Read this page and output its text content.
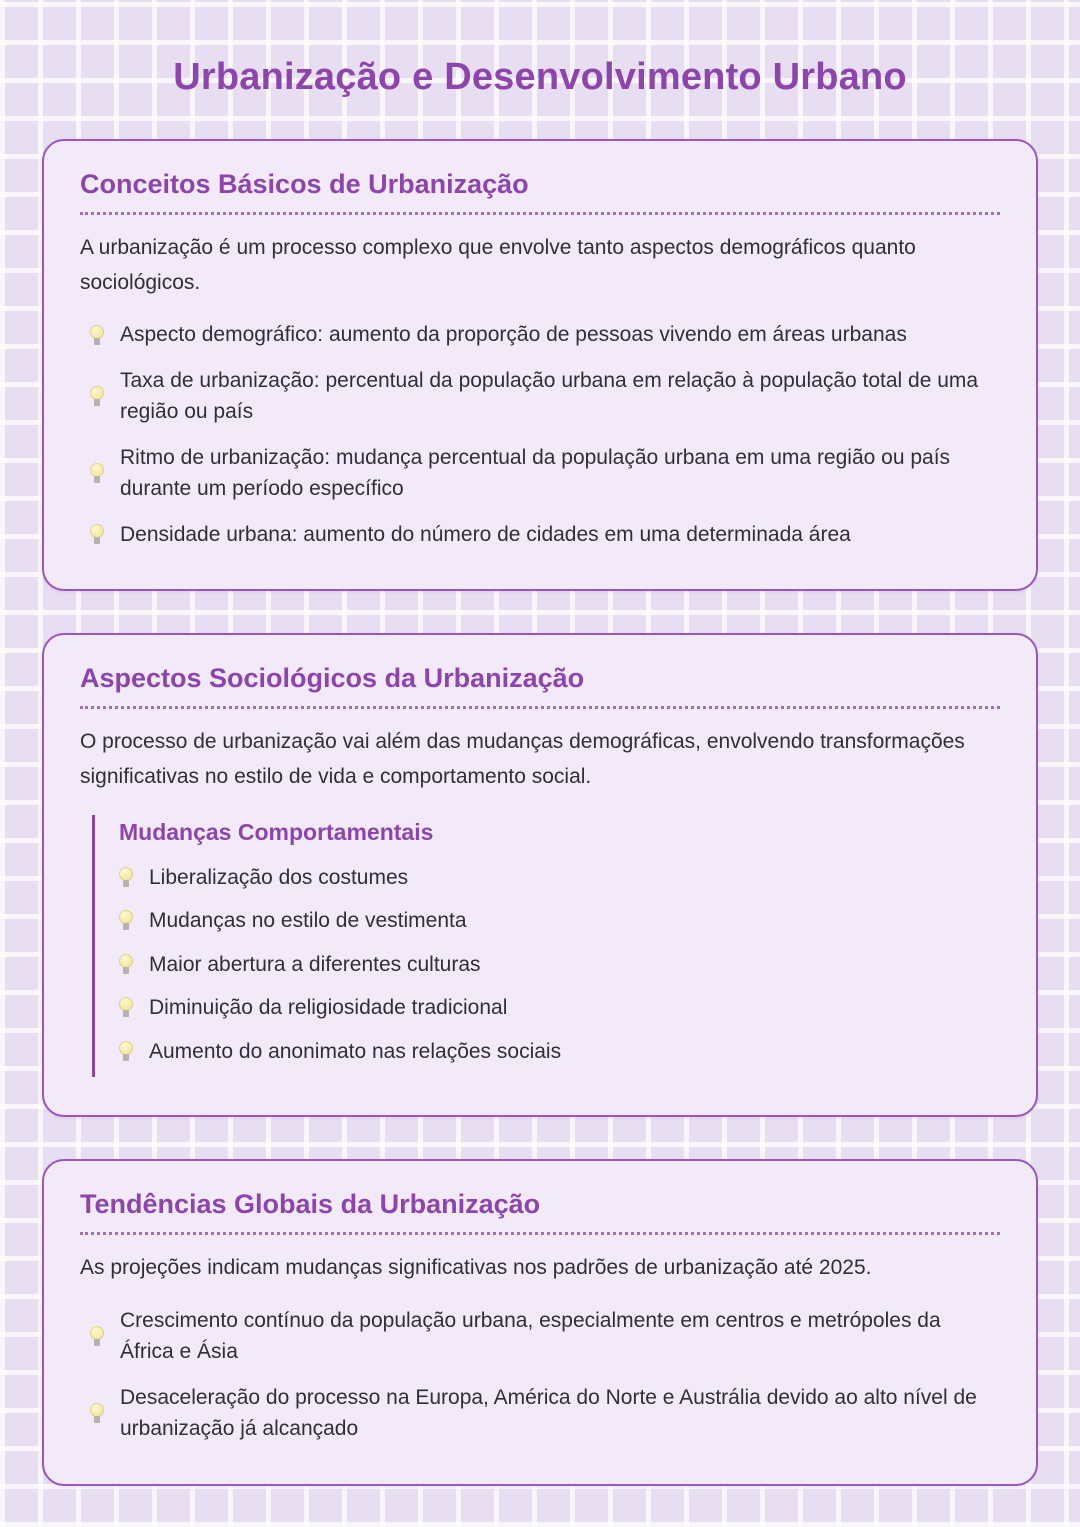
Urbanização e Desenvolvimento Urbano
Conceitos Básicos de Urbanização

A urbanização é um processo complexo que envolve tanto aspectos demográficos quanto sociológicos.

Aspecto demográfico: aumento da proporção de pessoas vivendo em áreas urbanas
Taxa de urbanização: percentual da população urbana em relação à população total de uma região ou país
Ritmo de urbanização: mudança percentual da população urbana em uma região ou país durante um período específico
Densidade urbana: aumento do número de cidades em uma determinada área
Aspectos Sociológicos da Urbanização

O processo de urbanização vai além das mudanças demográficas, envolvendo transformações significativas no estilo de vida e comportamento social.

Mudanças Comportamentais
Liberalização dos costumes
Mudanças no estilo de vestimenta
Maior abertura a diferentes culturas
Diminuição da religiosidade tradicional
Aumento do anonimato nas relações sociais
Tendências Globais da Urbanização

As projeções indicam mudanças significativas nos padrões de urbanização até 2025.

Crescimento contínuo da população urbana, especialmente em centros e metrópoles da África e Ásia
Desaceleração do processo na Europa, América do Norte e Austrália devido ao alto nível de urbanização já alcançado
